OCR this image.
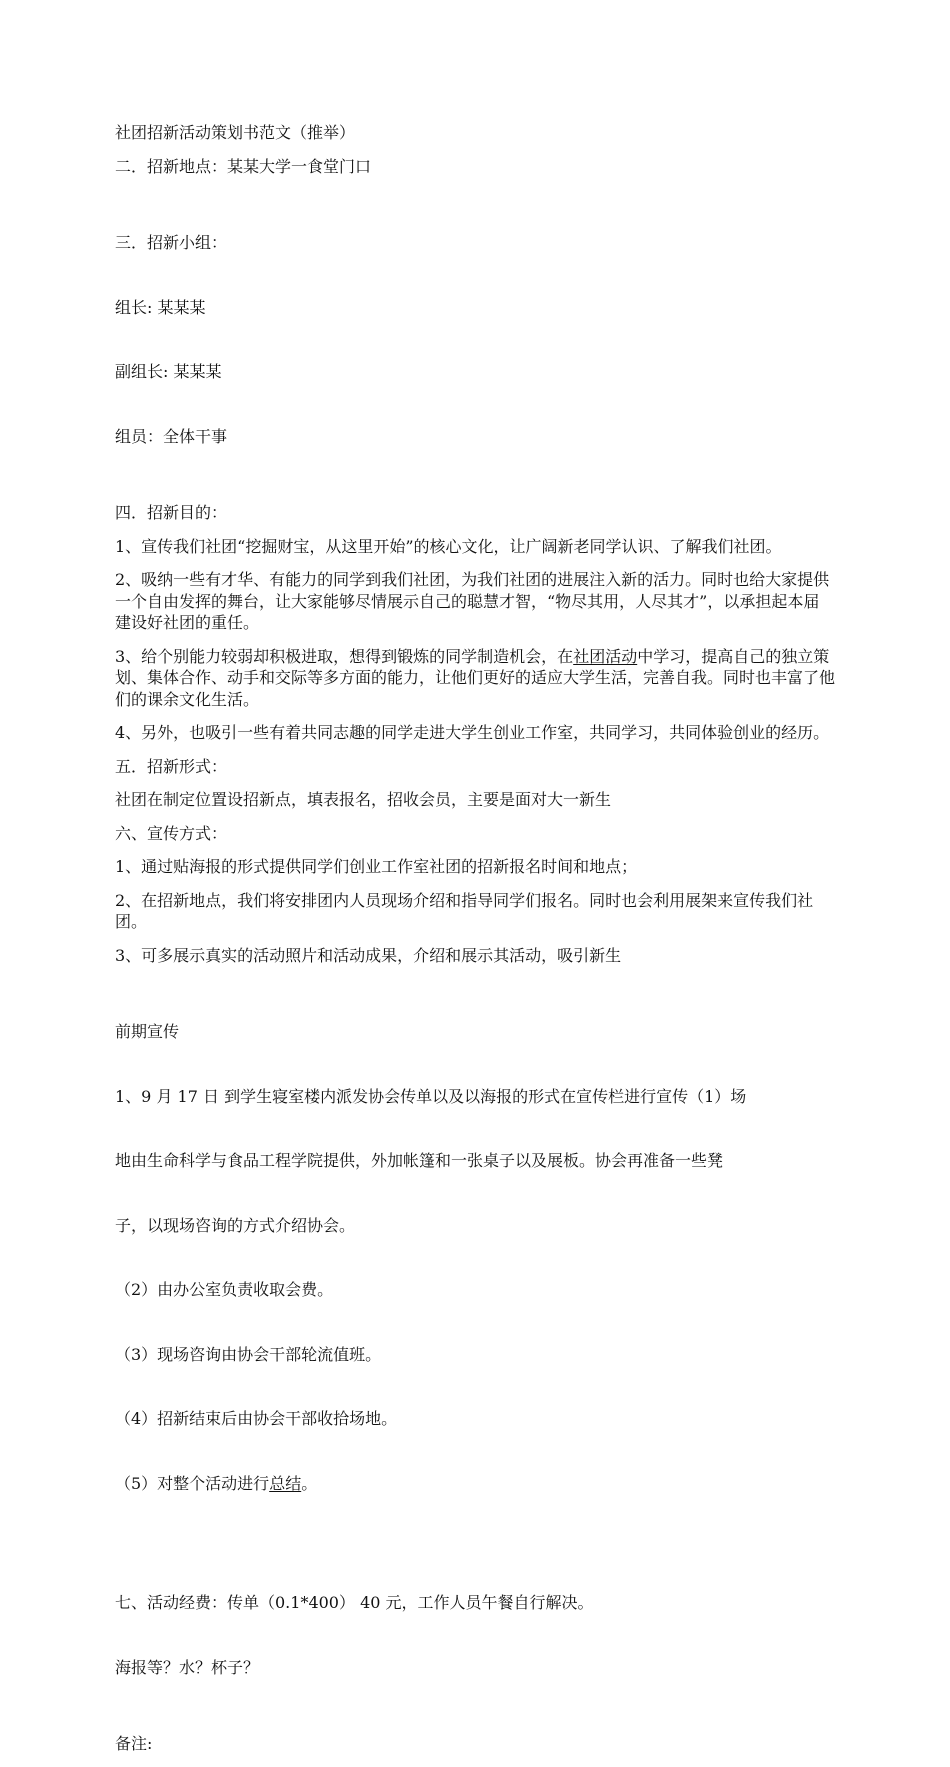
社团招新活动策划书范文（推举）

二．招新地点：某某大学一食堂门口

三．招新小组：

组长: 某某某

副组长: 某某某

组员：全体干事

四．招新目的：

1、宣传我们社团“挖掘财宝，从这里开始”的核心文化，让广阔新老同学认识、了解我们社团。

2、吸纳一些有才华、有能力的同学到我们社团，为我们社团的进展注入新的活力。同时也给大家提供一个自由发挥的舞台，让大家能够尽情展示自己的聪慧才智，“物尽其用，人尽其才”，以承担起本届建设好社团的重任。

3、给个别能力较弱却积极进取，想得到锻炼的同学制造机会，在社团活动中学习，提高自己的独立策划、集体合作、动手和交际等多方面的能力，让他们更好的适应大学生活，完善自我。同时也丰富了他们的课余文化生活。

4、另外，也吸引一些有着共同志趣的同学走进大学生创业工作室，共同学习，共同体验创业的经历。

五．招新形式：

社团在制定位置设招新点，填表报名，招收会员，主要是面对大一新生

六、宣传方式：

1、通过贴海报的形式提供同学们创业工作室社团的招新报名时间和地点；

2、在招新地点，我们将安排团内人员现场介绍和指导同学们报名。同时也会利用展架来宣传我们社团。

3、可多展示真实的活动照片和活动成果，介绍和展示其活动，吸引新生

前期宣传

1、9 月 17 日 到学生寝室楼内派发协会传单以及以海报的形式在宣传栏进行宣传（1）场

地由生命科学与食品工程学院提供，外加帐篷和一张桌子以及展板。协会再准备一些凳

子，以现场咨询的方式介绍协会。

（2）由办公室负责收取会费。

（3）现场咨询由协会干部轮流值班。

（4）招新结束后由协会干部收拾场地。

（5）对整个活动进行总结。

七、活动经费：传单（0.1*400） 40 元，工作人员午餐自行解决。

海报等？水？杯子？

备注:
